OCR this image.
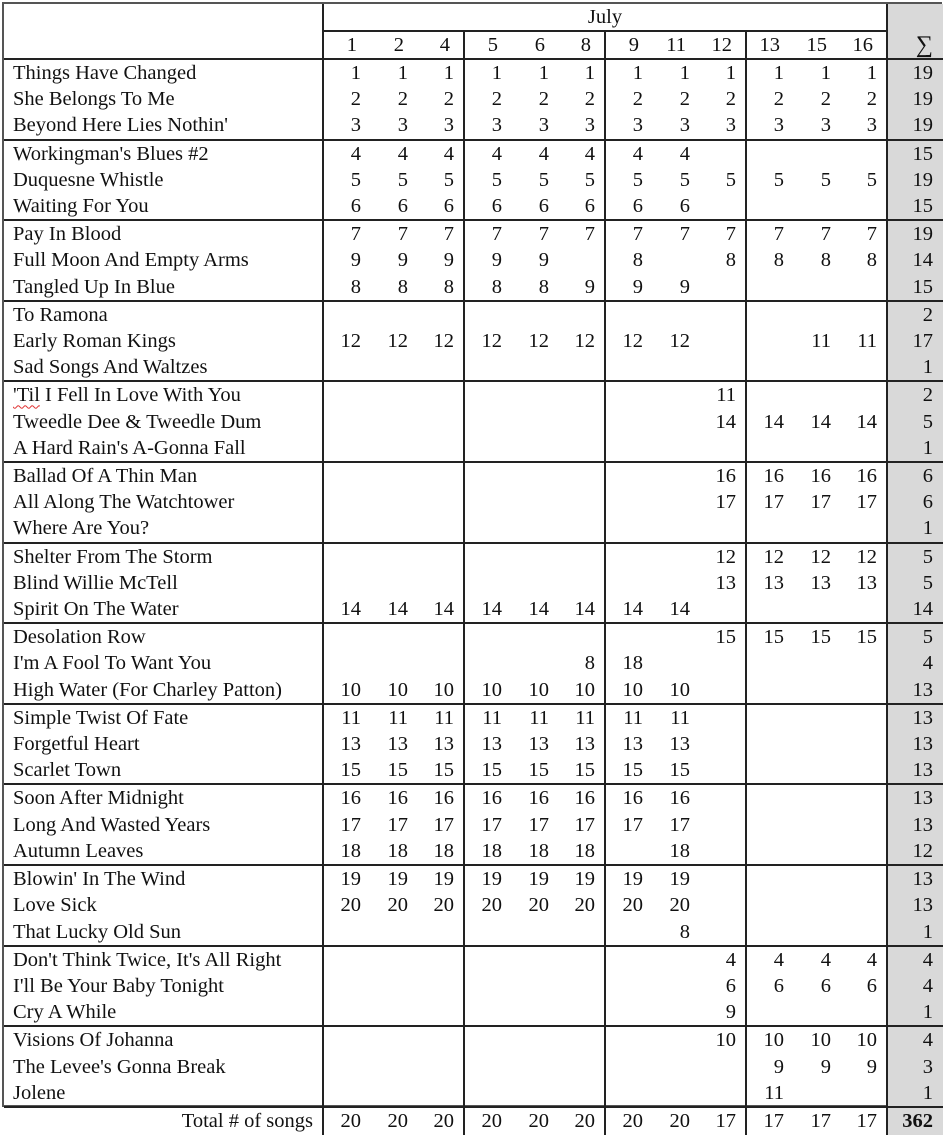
	July												∑
	1	2	4	5	6	8	9	11	12	13	15	16	
Things Have Changed	1	1	1	1	1	1	1	1	1	1	1	1	19
She Belongs To Me	2	2	2	2	2	2	2	2	2	2	2	2	19
Beyond Here Lies Nothin'	3	3	3	3	3	3	3	3	3	3	3	3	19
Workingman's Blues #2	4	4	4	4	4	4	4	4					15
Duquesne Whistle	5	5	5	5	5	5	5	5	5	5	5	5	19
Waiting For You	6	6	6	6	6	6	6	6					15
Pay In Blood	7	7	7	7	7	7	7	7	7	7	7	7	19
Full Moon And Empty Arms	9	9	9	9	9		8		8	8	8	8	14
Tangled Up In Blue	8	8	8	8	8	9	9	9					15
To Ramona													2
Early Roman Kings	12	12	12	12	12	12	12	12			11	11	17
Sad Songs And Waltzes													1
'Til I Fell In Love With You									11				2
Tweedle Dee & Tweedle Dum									14	14	14	14	5
A Hard Rain's A-Gonna Fall													1
Ballad Of A Thin Man									16	16	16	16	6
All Along The Watchtower									17	17	17	17	6
Where Are You?													1
Shelter From The Storm									12	12	12	12	5
Blind Willie McTell									13	13	13	13	5
Spirit On The Water	14	14	14	14	14	14	14	14					14
Desolation Row									15	15	15	15	5
I'm A Fool To Want You						8	18						4
High Water (For Charley Patton)	10	10	10	10	10	10	10	10					13
Simple Twist Of Fate	11	11	11	11	11	11	11	11					13
Forgetful Heart	13	13	13	13	13	13	13	13					13
Scarlet Town	15	15	15	15	15	15	15	15					13
Soon After Midnight	16	16	16	16	16	16	16	16					13
Long And Wasted Years	17	17	17	17	17	17	17	17					13
Autumn Leaves	18	18	18	18	18	18		18					12
Blowin' In The Wind	19	19	19	19	19	19	19	19					13
Love Sick	20	20	20	20	20	20	20	20					13
That Lucky Old Sun								8					1
Don't Think Twice, It's All Right									4	4	4	4	4
I'll Be Your Baby Tonight									6	6	6	6	4
Cry A While									9				1
Visions Of Johanna									10	10	10	10	4
The Levee's Gonna Break										9	9	9	3
Jolene										11			1
Total # of songs	20	20	20	20	20	20	20	20	17	17	17	17	362
